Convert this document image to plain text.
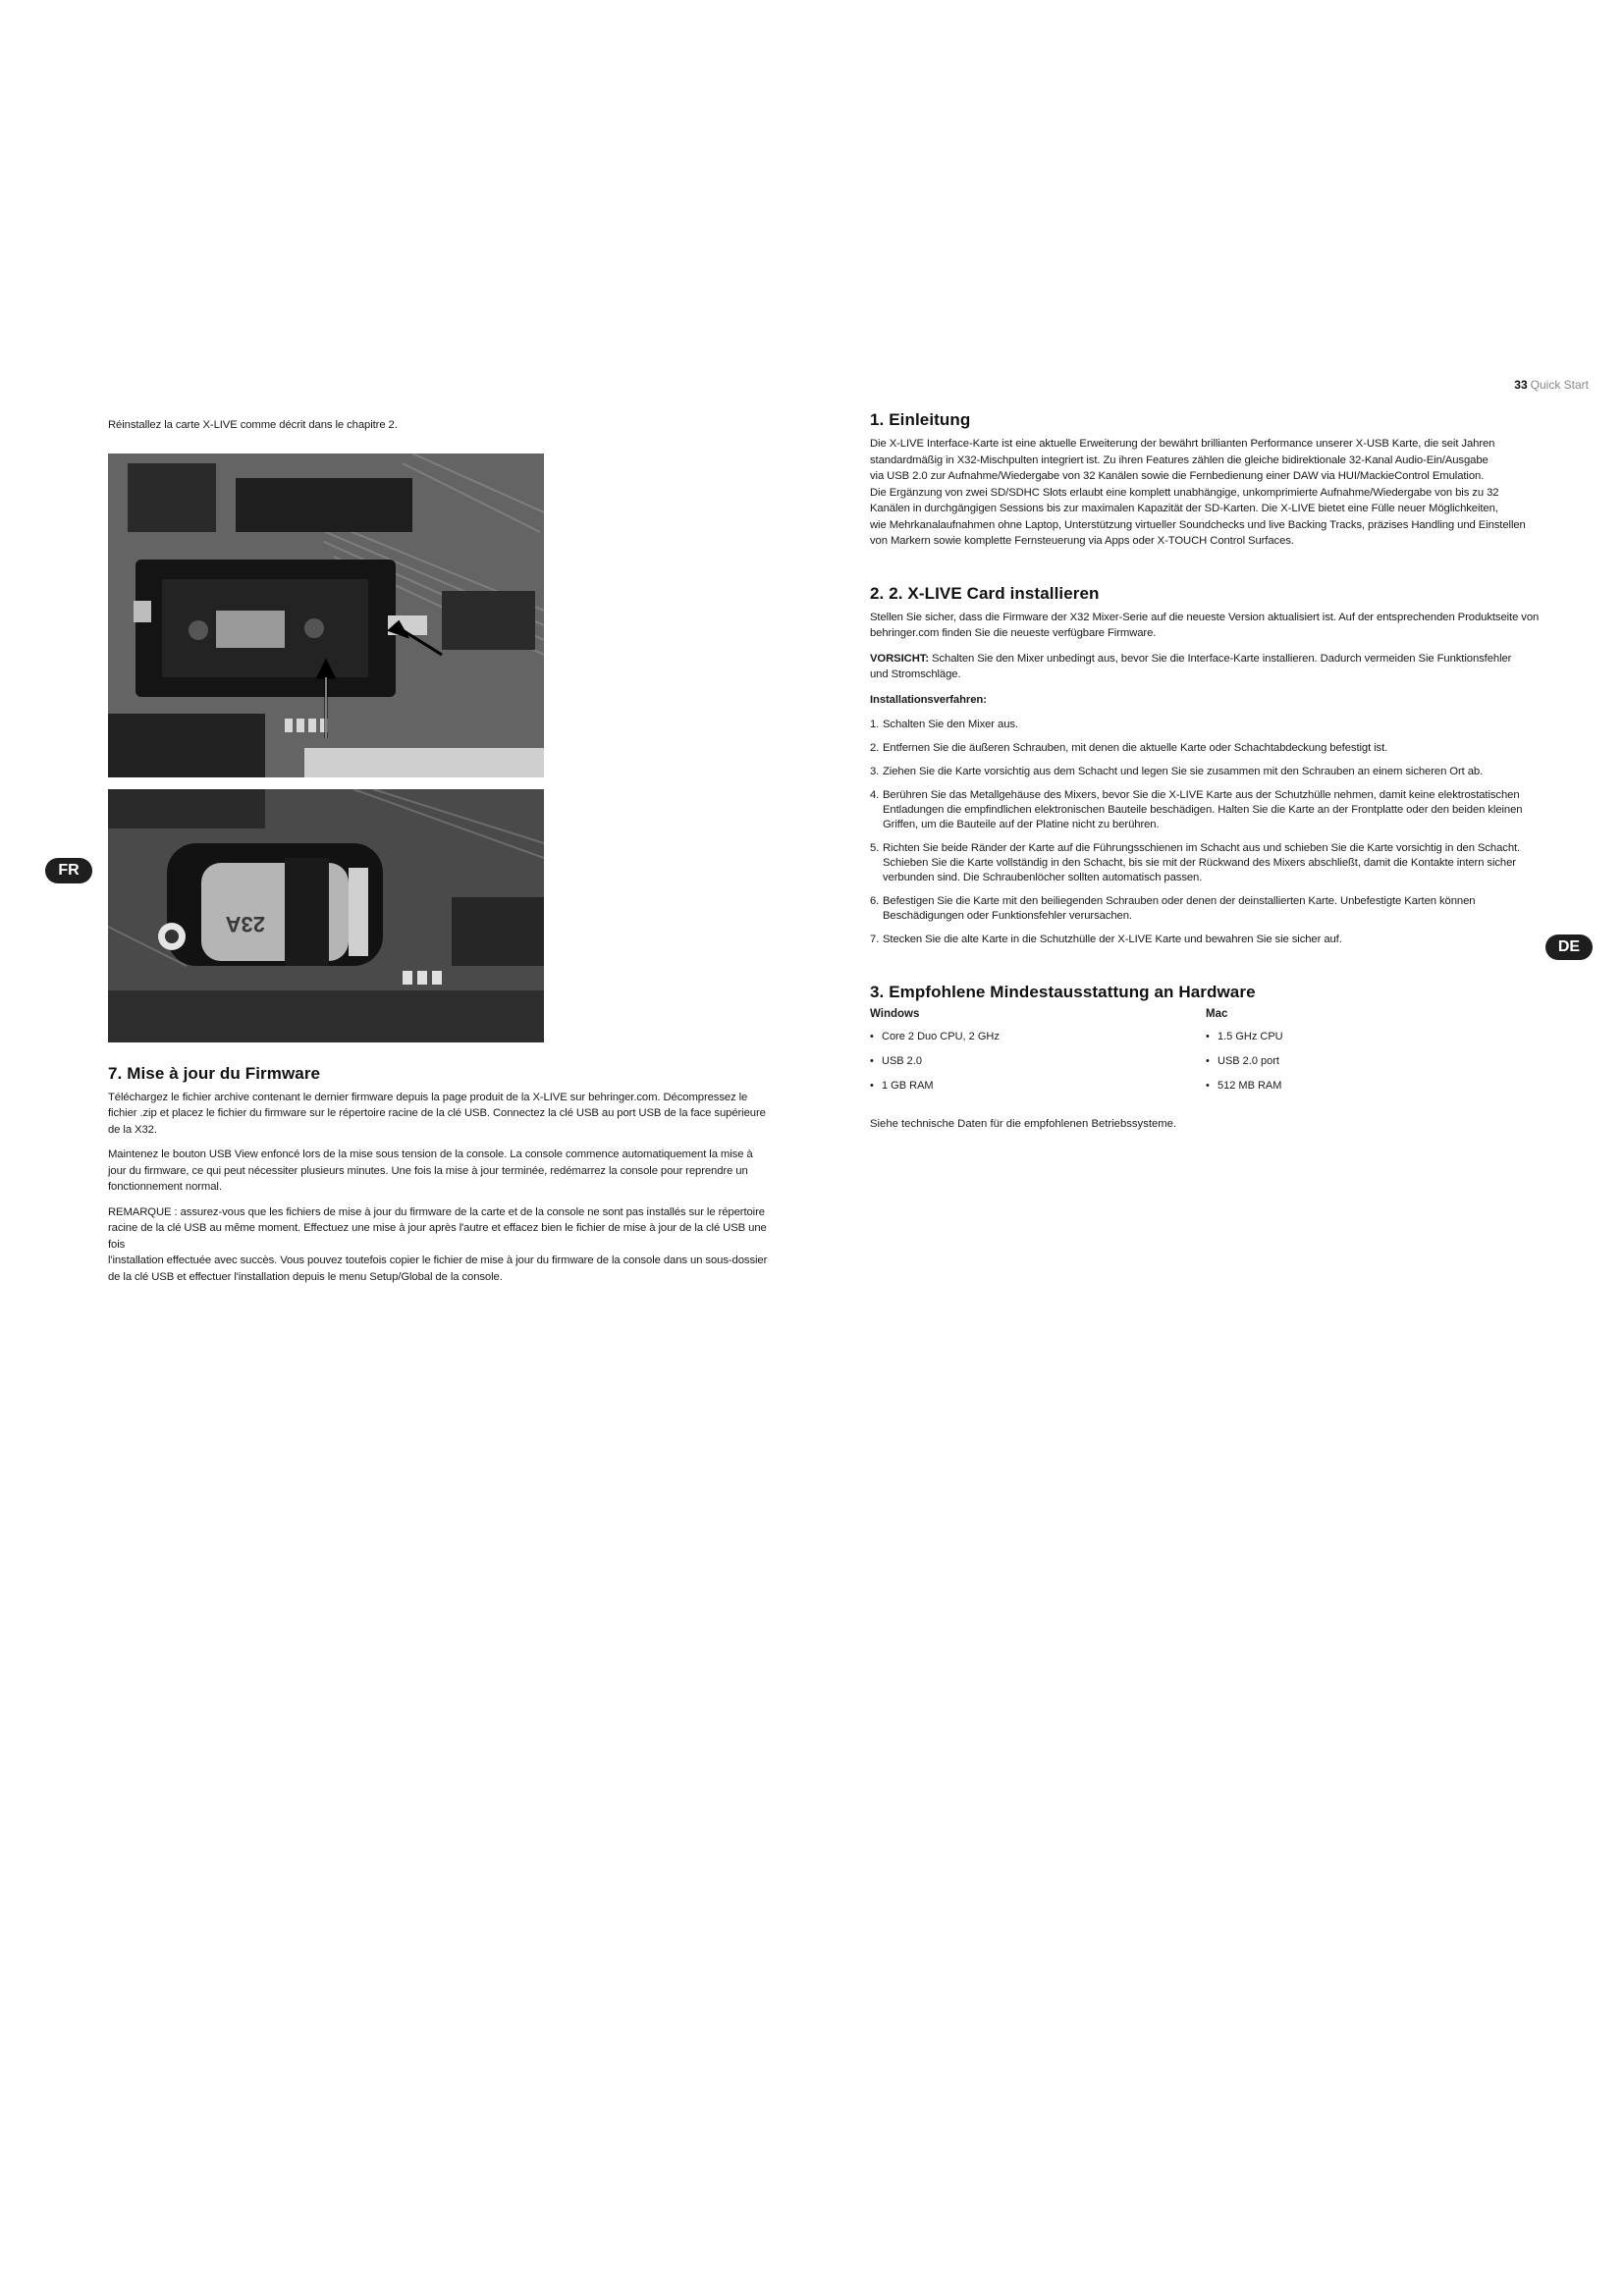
33 Quick Start
FR
DE

Réinstallez la carte X-LIVE comme décrit dans le chapitre 2.

23A
7. Mise à jour du Firmware

Téléchargez le fichier archive contenant le dernier firmware depuis la page produit de la X-LIVE sur behringer.com. Décompressez le
fichier .zip et placez le fichier du firmware sur le répertoire racine de la clé USB. Connectez la clé USB au port USB de la face supérieure
de la X32.

Maintenez le bouton USB View enfoncé lors de la mise sous tension de la console. La console commence automatiquement la mise à
jour du firmware, ce qui peut nécessiter plusieurs minutes. Une fois la mise à jour terminée, redémarrez la console pour reprendre un
fonctionnement normal.

REMARQUE : assurez-vous que les fichiers de mise à jour du firmware de la carte et de la console ne sont pas installés sur le répertoire
racine de la clé USB au même moment. Effectuez une mise à jour après l'autre et effacez bien le fichier de mise à jour de la clé USB une fois
l'installation effectuée avec succès. Vous pouvez toutefois copier le fichier de mise à jour du firmware de la console dans un sous-dossier
de la clé USB et effectuer l'installation depuis le menu Setup/Global de la console.

1. Einleitung

Die X-LIVE Interface-Karte ist eine aktuelle Erweiterung der bewährt brillianten Performance unserer X-USB Karte, die seit Jahren
standardmäßig in X32-Mischpulten integriert ist. Zu ihren Features zählen die gleiche bidirektionale 32-Kanal Audio-Ein/Ausgabe
via USB 2.0 zur Aufnahme/Wiedergabe von 32 Kanälen sowie die Fernbedienung einer DAW via HUI/MackieControl Emulation.
Die Ergänzung von zwei SD/SDHC Slots erlaubt eine komplett unabhängige, unkomprimierte Aufnahme/Wiedergabe von bis zu 32
Kanälen in durchgängigen Sessions bis zur maximalen Kapazität der SD-Karten. Die X-LIVE bietet eine Fülle neuer Möglichkeiten,
wie Mehrkanalaufnahmen ohne Laptop, Unterstützung virtueller Soundchecks und live Backing Tracks, präzises Handling und Einstellen
von Markern sowie komplette Fernsteuerung via Apps oder X-TOUCH Control Surfaces.

2. 2. X-LIVE Card installieren

Stellen Sie sicher, dass die Firmware der X32 Mixer-Serie auf die neueste Version aktualisiert ist. Auf der entsprechenden Produktseite von
behringer.com finden Sie die neueste verfügbare Firmware.

VORSICHT: Schalten Sie den Mixer unbedingt aus, bevor Sie die Interface-Karte installieren. Dadurch vermeiden Sie Funktionsfehler
und Stromschläge.

Installationsverfahren:

1. Schalten Sie den Mixer aus.
2. Entfernen Sie die äußeren Schrauben, mit denen die aktuelle Karte oder Schachtabdeckung befestigt ist.
3. Ziehen Sie die Karte vorsichtig aus dem Schacht und legen Sie sie zusammen mit den Schrauben an einem sicheren Ort ab.
4. Berühren Sie das Metallgehäuse des Mixers, bevor Sie die X-LIVE Karte aus der Schutzhülle nehmen, damit keine elektrostatischen
Entladungen die empfindlichen elektronischen Bauteile beschädigen. Halten Sie die Karte an der Frontplatte oder den beiden kleinen
Griffen, um die Bauteile auf der Platine nicht zu berühren.
5. Richten Sie beide Ränder der Karte auf die Führungsschienen im Schacht aus und schieben Sie die Karte vorsichtig in den Schacht.
Schieben Sie die Karte vollständig in den Schacht, bis sie mit der Rückwand des Mixers abschließt, damit die Kontakte intern sicher
verbunden sind. Die Schraubenlöcher sollten automatisch passen.
6. Befestigen Sie die Karte mit den beiliegenden Schrauben oder denen der deinstallierten Karte. Unbefestigte Karten können
Beschädigungen oder Funktionsfehler verursachen.
7. Stecken Sie die alte Karte in die Schutzhülle der X-LIVE Karte und bewahren Sie sie sicher auf.
3. Empfohlene Mindestausstattung an Hardware
Windows
• Core 2 Duo CPU, 2 GHz
• USB 2.0
• 1 GB RAM
Mac
• 1.5 GHz CPU
• USB 2.0 port
• 512 MB RAM

Siehe technische Daten für die empfohlenen Betriebssysteme.
